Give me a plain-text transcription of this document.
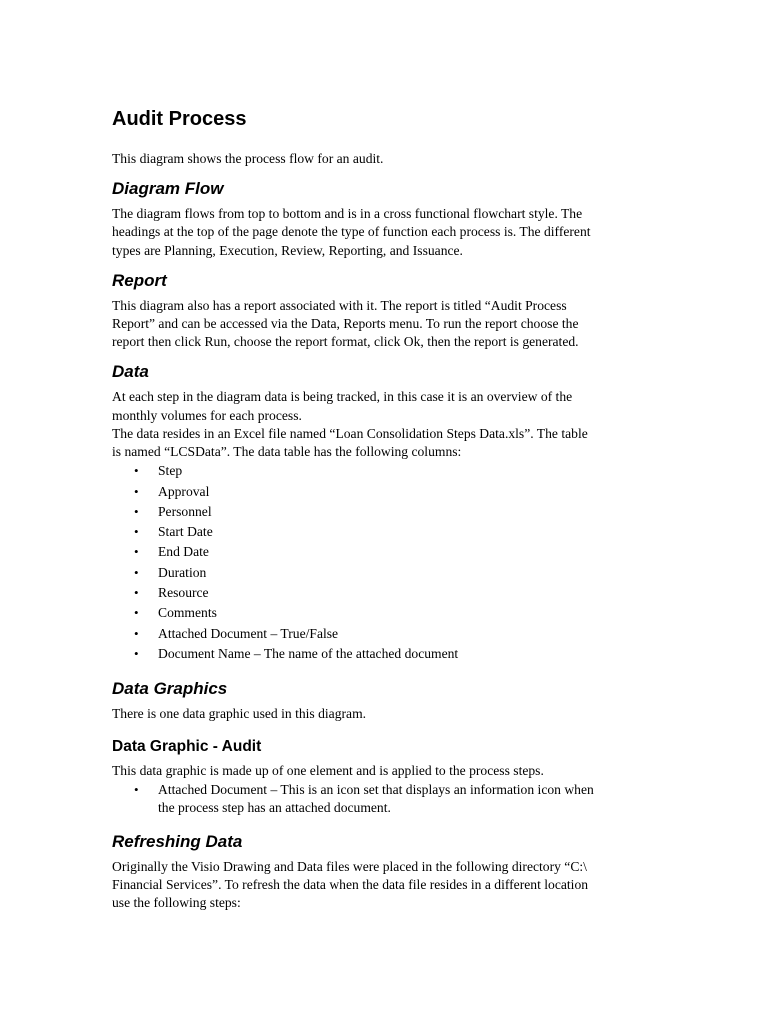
Audit Process

This diagram shows the process flow for an audit.

Diagram Flow
The diagram flows from top to bottom and is in a cross functional flowchart style. The
headings at the top of the page denote the type of function each process is. The different
types are Planning, Execution, Review, Reporting, and Issuance.
Report
This diagram also has a report associated with it. The report is titled “Audit Process
Report” and can be accessed via the Data, Reports menu. To run the report choose the
report then click Run, choose the report format, click Ok, then the report is generated.
Data
At each step in the diagram data is being tracked, in this case it is an overview of the
monthly volumes for each process.
The data resides in an Excel file named “Loan Consolidation Steps Data.xls”. The table
is named “LCSData”. The data table has the following columns:
• Step
• Approval
• Personnel
• Start Date
• End Date
• Duration
• Resource
• Comments
• Attached Document – True/False
• Document Name – The name of the attached document
Data Graphics
There is one data graphic used in this diagram.
Data Graphic - Audit
This data graphic is made up of one element and is applied to the process steps.
• Attached Document – This is an icon set that displays an information icon when
the process step has an attached document.
Refreshing Data
Originally the Visio Drawing and Data files were placed in the following directory “C:\
Financial Services”. To refresh the data when the data file resides in a different location
use the following steps:
